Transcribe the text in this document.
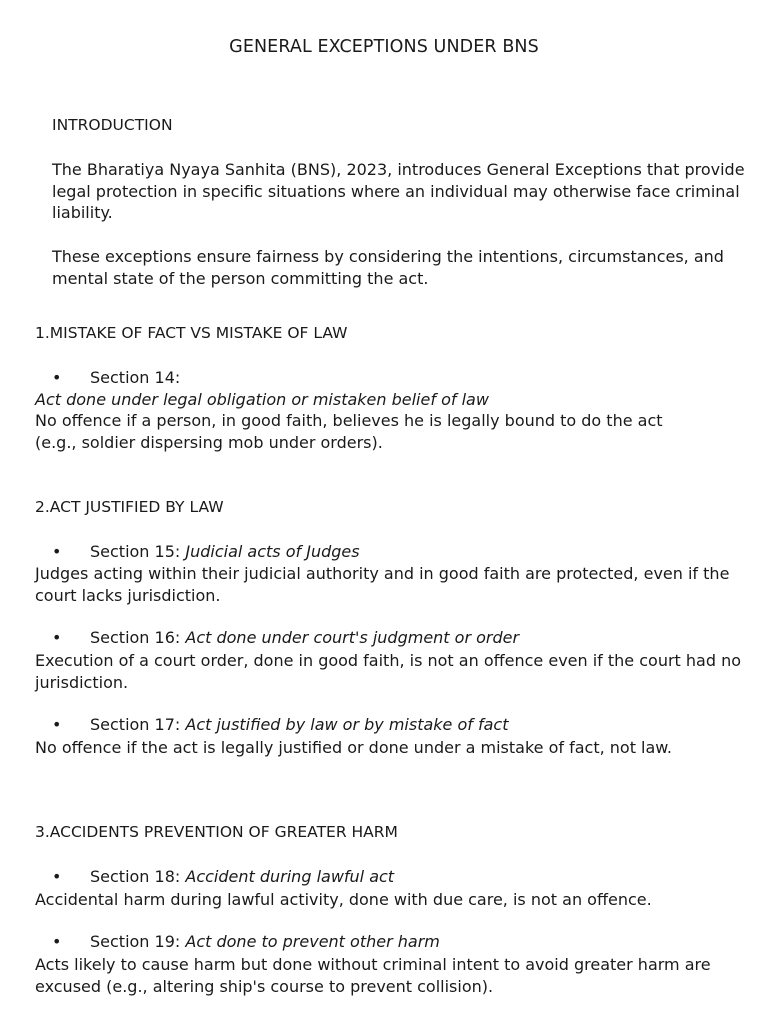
GENERAL EXCEPTIONS UNDER BNS
INTRODUCTION
The Bharatiya Nyaya Sanhita (BNS), 2023, introduces General Exceptions that provide
legal protection in specific situations where an individual may otherwise face criminal
liability.
These exceptions ensure fairness by considering the intentions, circumstances, and
mental state of the person committing the act.
1.MISTAKE OF FACT VS MISTAKE OF LAW
• Section 14:
Act done under legal obligation or mistaken belief of law
No offence if a person, in good faith, believes he is legally bound to do the act
(e.g., soldier dispersing mob under orders).
2.ACT JUSTIFIED BY LAW
• Section 15: Judicial acts of Judges
Judges acting within their judicial authority and in good faith are protected, even if the
court lacks jurisdiction.
• Section 16: Act done under court's judgment or order
Execution of a court order, done in good faith, is not an offence even if the court had no
jurisdiction.
• Section 17: Act justified by law or by mistake of fact
No offence if the act is legally justified or done under a mistake of fact, not law.
3.ACCIDENTS PREVENTION OF GREATER HARM
• Section 18: Accident during lawful act
Accidental harm during lawful activity, done with due care, is not an offence.
• Section 19: Act done to prevent other harm
Acts likely to cause harm but done without criminal intent to avoid greater harm are
excused (e.g., altering ship's course to prevent collision).
